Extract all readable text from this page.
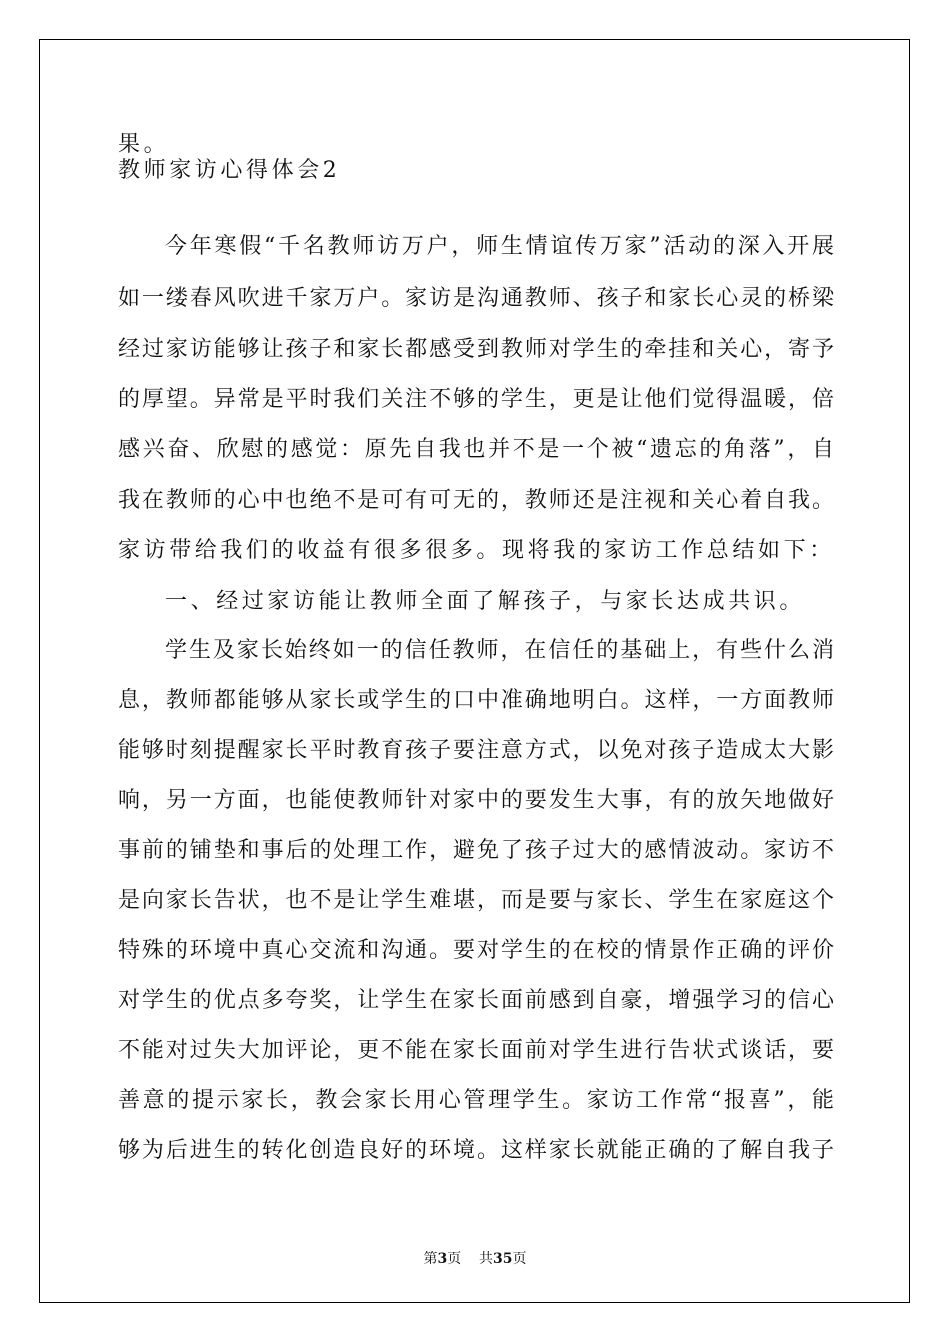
果。
教师家访心得体会2
今年寒假“千名教师访万户，师生情谊传万家”活动的深入开展
如一缕春风吹进千家万户。家访是沟通教师、孩子和家长心灵的桥梁
经过家访能够让孩子和家长都感受到教师对学生的牵挂和关心，寄予
的厚望。异常是平时我们关注不够的学生，更是让他们觉得温暖，倍
感兴奋、欣慰的感觉：原先自我也并不是一个被“遗忘的角落”，自
我在教师的心中也绝不是可有可无的，教师还是注视和关心着自我。
家访带给我们的收益有很多很多。现将我的家访工作总结如下：
一、经过家访能让教师全面了解孩子，与家长达成共识。
学生及家长始终如一的信任教师，在信任的基础上，有些什么消
息，教师都能够从家长或学生的口中准确地明白。这样，一方面教师
能够时刻提醒家长平时教育孩子要注意方式，以免对孩子造成太大影
响，另一方面，也能使教师针对家中的要发生大事，有的放矢地做好
事前的铺垫和事后的处理工作，避免了孩子过大的感情波动。家访不
是向家长告状，也不是让学生难堪，而是要与家长、学生在家庭这个
特殊的环境中真心交流和沟通。要对学生的在校的情景作正确的评价
对学生的优点多夸奖，让学生在家长面前感到自豪，增强学习的信心
不能对过失大加评论，更不能在家长面前对学生进行告状式谈话，要
善意的提示家长，教会家长用心管理学生。家访工作常“报喜”，能
够为后进生的转化创造良好的环境。这样家长就能正确的了解自我子
第3页 共35页
